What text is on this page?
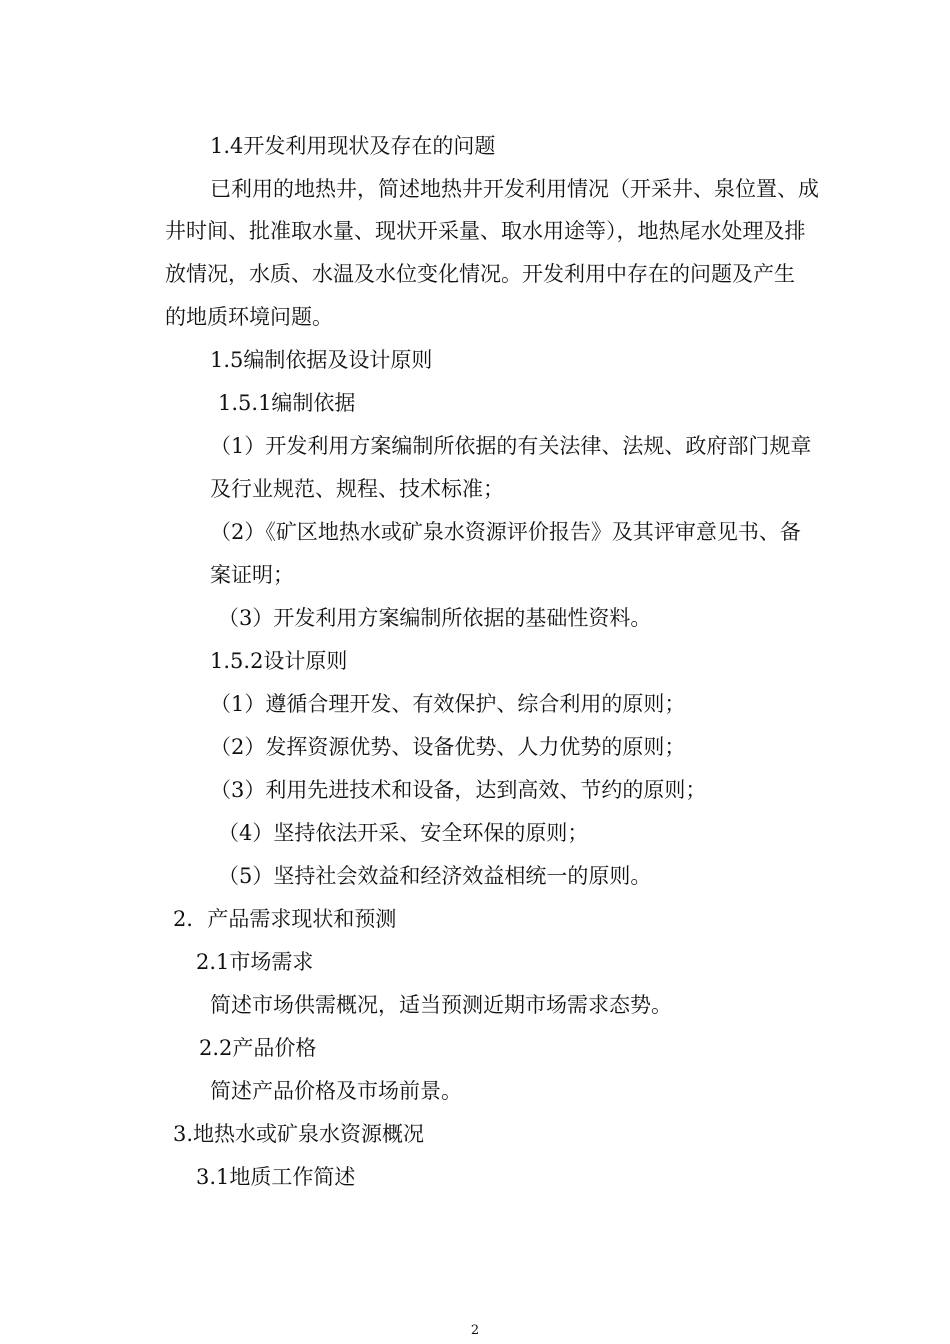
1.4开发利用现状及存在的问题
已利用的地热井，简述地热井开发利用情况（开采井、泉位置、成
井时间、批准取水量、现状开采量、取水用途等），地热尾水处理及排
放情况，水质、水温及水位变化情况。开发利用中存在的问题及产生
的地质环境问题。
1.5编制依据及设计原则
1.5.1编制依据
（1）开发利用方案编制所依据的有关法律、法规、政府部门规章
及行业规范、规程、技术标准；
（2）《矿区地热水或矿泉水资源评价报告》及其评审意见书、备
案证明；
（3）开发利用方案编制所依据的基础性资料。
1.5.2设计原则
（1）遵循合理开发、有效保护、综合利用的原则；
（2）发挥资源优势、设备优势、人力优势的原则；
（3）利用先进技术和设备，达到高效、节约的原则；
（4）坚持依法开采、安全环保的原则；
（5）坚持社会效益和经济效益相统一的原则。
2．产品需求现状和预测
2.1市场需求
简述市场供需概况，适当预测近期市场需求态势。
2.2产品价格
简述产品价格及市场前景。
3.地热水或矿泉水资源概况
3.1地质工作简述
2
